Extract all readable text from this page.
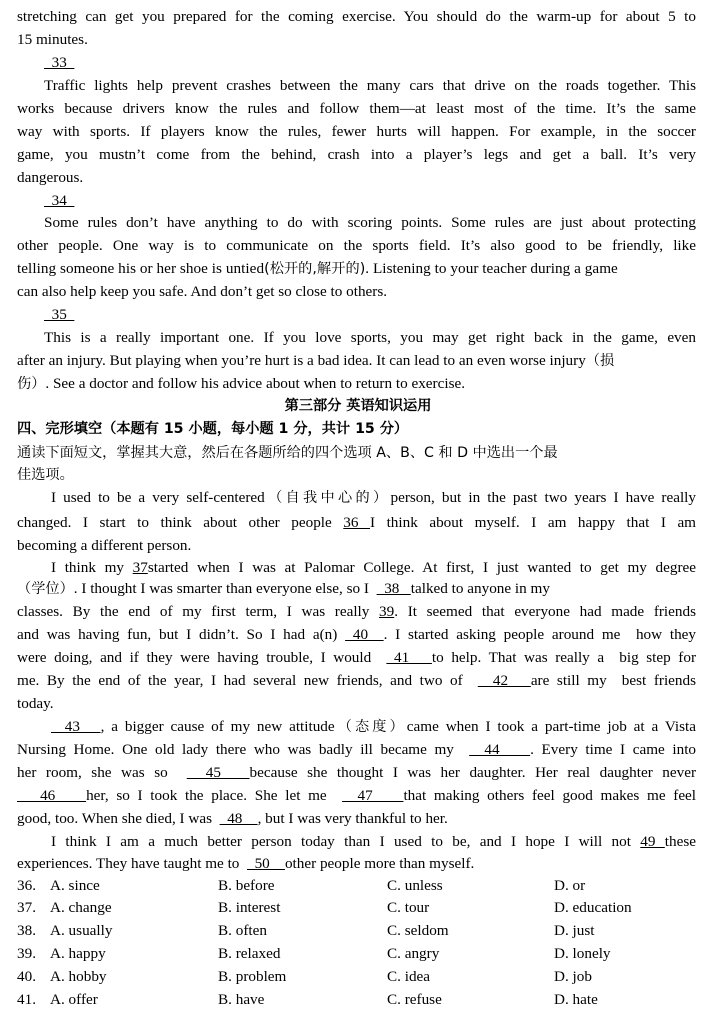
stretching can get you prepared for the coming exercise. You should do the warm-up for about 5 to
15 minutes.
33
Traffic lights help prevent crashes between the many cars that drive on the roads together. This
works because drivers know the rules and follow them—at least most of the time. It’s the same
way with sports. If players know the rules, fewer hurts will happen. For example, in the soccer
game, you mustn’t come from the behind, crash into a player’s legs and get a ball. It’s very
dangerous.
34
Some rules don’t have anything to do with scoring points. Some rules are just about protecting
other people. One way is to communicate on the sports field. It’s also good to be friendly, like
telling someone his or her shoe is untied(松开的,解开的). Listening to your teacher during a game
can also help keep you safe. And don’t get so close to others.
35
This is a really important one. If you love sports, you may get right back in the game, even
after an injury. But playing when you’re hurt is a bad idea. It can lead to an even worse injury（损
伤）. See a doctor and follow his advice about when to return to exercise.
第三部分 英语知识运用
四、完形填空（本题有 15 小题，每小题 1 分，共计 15 分）
通读下面短文，掌握其大意，然后在各题所给的四个选项 A、B、C 和 D 中选出一个最
佳选项。
I used to be a very self-centered（自我中心的）person, but in the past two years I have really
changed. I start to think about other people 36 I think about myself. I am happy that I am
becoming a different person.
I think my 37started when I was at Palomar College. At first, I just wanted to get my degree
（学位）. I thought I was smarter than everyone else, so I    38   talked to anyone in my
classes. By the end of my first term, I was really 39. It seemed that everyone had made friends
and was having fun, but I didn’t. So I had a(n)  40  . I started asking people around me  how they
were doing, and if they were having trouble, I would   41   to help. That was really a  big step for
me. By the end of the year, I had several new friends, and two of    42   are still my  best friends
today.
43   , a bigger cause of my new attitude（态度）came when I took a part-time job at a Vista
Nursing Home. One old lady there who was badly ill became my    44    . Every time I came into
her room, she was so    45   because she thought I was her daughter. Her real daughter never
46    her, so I took the place. She let me    47    that making others feel good makes me feel
good, too. When she died, I was    48    , but I was very thankful to her.
I think I am a much better person today than I used to be, and I hope I will not 49 these
experiences. They have taught me to    50    other people more than myself.
36. A. since	B. before	C. unless	D. or
37. A. change	B. interest	C. tour	D. education
38. A. usually	B. often	C. seldom	D. just
39. A. happy	B. relaxed	C. angry	D. lonely
40. A. hobby	B. problem	C. idea	D. job
41. A. offer	B. have	C. refuse	D. hate
